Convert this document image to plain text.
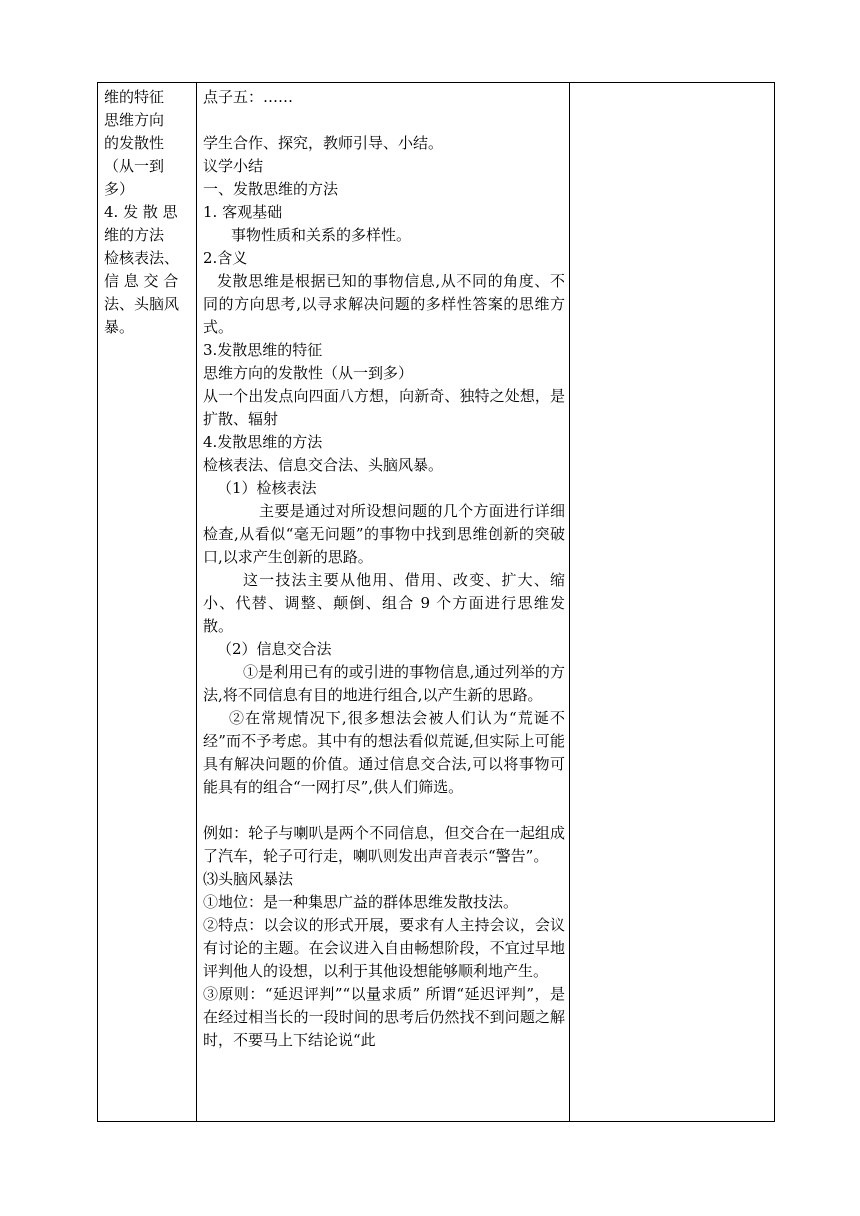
维的特征
思维方向
的发散性
（从一到
多）
4. 发 散 思
维的方法
检核表法、
信 息 交 合
法、头脑风
暴。

点子五：……

学生合作、探究，教师引导、小结。

议学小结

一、发散思维的方法

1. 客观基础

事物性质和关系的多样性。

2.含义

发散思维是根据已知的事物信息,从不同的角度、不同的方向思考,以寻求解决问题的多样性答案的思维方式。

3.发散思维的特征

思维方向的发散性（从一到多）

从一个出发点向四面八方想，向新奇、独特之处想，是扩散、辐射

4.发散思维的方法

检核表法、信息交合法、头脑风暴。

（1）检核表法

主要是通过对所设想问题的几个方面进行详细检查,从看似“毫无问题”的事物中找到思维创新的突破口,以求产生创新的思路。

这一技法主要从他用、借用、改变、扩大、缩小、代替、调整、颠倒、组合 9 个方面进行思维发散。

（2）信息交合法

①是利用已有的或引进的事物信息,通过列举的方法,将不同信息有目的地进行组合,以产生新的思路。

②在常规情况下,很多想法会被人们认为“荒诞不经”而不予考虑。其中有的想法看似荒诞,但实际上可能具有解决问题的价值。通过信息交合法,可以将事物可能具有的组合“一网打尽”,供人们筛选。

例如：轮子与喇叭是两个不同信息，但交合在一起组成了汽车，轮子可行走，喇叭则发出声音表示“警告”。

⑶头脑风暴法

①地位：是一种集思广益的群体思维发散技法。

②特点：以会议的形式开展，要求有人主持会议，会议有讨论的主题。在会议进入自由畅想阶段，不宜过早地评判他人的设想，以利于其他设想能够顺利地产生。

③原则：“延迟评判”“以量求质” 所谓“延迟评判”，是在经过相当长的一段时间的思考后仍然找不到问题之解时，不要马上下结论说“此
